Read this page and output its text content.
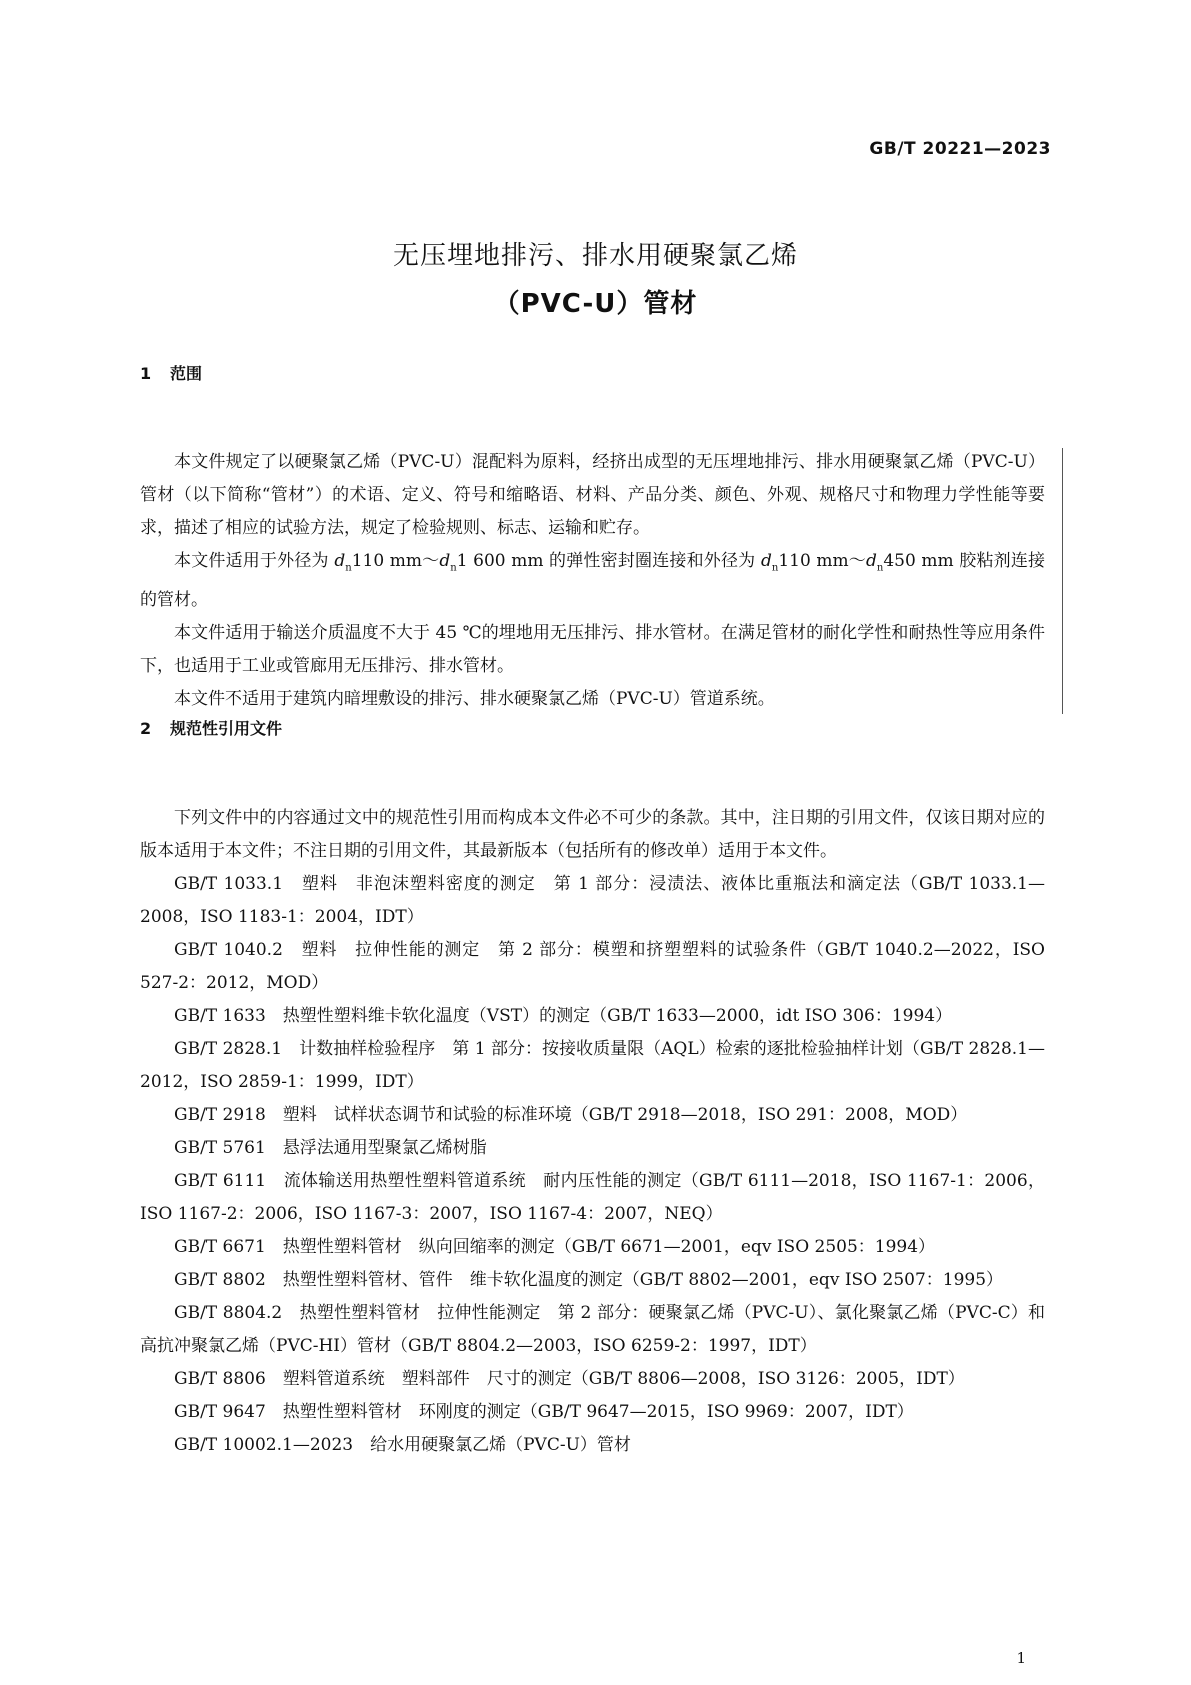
GB/T 20221—2023
无压埋地排污、排水用硬聚氯乙烯
（PVC-U）管材
1 范围

本文件规定了以硬聚氯乙烯（PVC-U）混配料为原料，经挤出成型的无压埋地排污、排水用硬聚氯乙烯（PVC-U）管材（以下简称“管材”）的术语、定义、符号和缩略语、材料、产品分类、颜色、外观、规格尺寸和物理力学性能等要求，描述了相应的试验方法，规定了检验规则、标志、运输和贮存。

本文件适用于外径为 $d_n110$ $mm\sim d_n1$ 600 mm 的弹性密封圈连接和外径为 $d_n110$ $mm\sim d_n450$ mm 胶粘剂连接的管材。

本文件适用于输送介质温度不大于 45 ℃的埋地用无压排污、排水管材。在满足管材的耐化学性和耐热性等应用条件下，也适用于工业或管廊用无压排污、排水管材。

本文件不适用于建筑内暗埋敷设的排污、排水硬聚氯乙烯（PVC-U）管道系统。

2 规范性引用文件

下列文件中的内容通过文中的规范性引用而构成本文件必不可少的条款。其中，注日期的引用文件，仅该日期对应的版本适用于本文件；不注日期的引用文件，其最新版本（包括所有的修改单）适用于本文件。

GB/T 1033.1　塑料　非泡沫塑料密度的测定　第 1 部分：浸渍法、液体比重瓶法和滴定法（GB/T 1033.1—2008，ISO 1183-1：2004，IDT）

GB/T 1040.2　塑料　拉伸性能的测定　第 2 部分：模塑和挤塑塑料的试验条件（GB/T 1040.2—2022，ISO 527-2：2012，MOD）

GB/T 1633　热塑性塑料维卡软化温度（VST）的测定（GB/T 1633—2000，idt ISO 306：1994）

GB/T 2828.1　计数抽样检验程序　第 1 部分：按接收质量限（AQL）检索的逐批检验抽样计划（GB/T 2828.1—2012，ISO 2859-1：1999，IDT）

GB/T 2918　塑料　试样状态调节和试验的标准环境（GB/T 2918—2018，ISO 291：2008，MOD）

GB/T 5761　悬浮法通用型聚氯乙烯树脂

GB/T 6111　流体输送用热塑性塑料管道系统　耐内压性能的测定（GB/T 6111—2018，ISO 1167-1：2006，ISO 1167-2：2006，ISO 1167-3：2007，ISO 1167-4：2007，NEQ）

GB/T 6671　热塑性塑料管材　纵向回缩率的测定（GB/T 6671—2001，eqv ISO 2505：1994）

GB/T 8802　热塑性塑料管材、管件　维卡软化温度的测定（GB/T 8802—2001，eqv ISO 2507：1995）

GB/T 8804.2　热塑性塑料管材　拉伸性能测定　第 2 部分：硬聚氯乙烯（PVC-U）、氯化聚氯乙烯（PVC-C）和高抗冲聚氯乙烯（PVC-HI）管材（GB/T 8804.2—2003，ISO 6259-2：1997，IDT）

GB/T 8806　塑料管道系统　塑料部件　尺寸的测定（GB/T 8806—2008，ISO 3126：2005，IDT）

GB/T 9647　热塑性塑料管材　环刚度的测定（GB/T 9647—2015，ISO 9969：2007，IDT）

GB/T 10002.1—2023　给水用硬聚氯乙烯（PVC-U）管材

1
